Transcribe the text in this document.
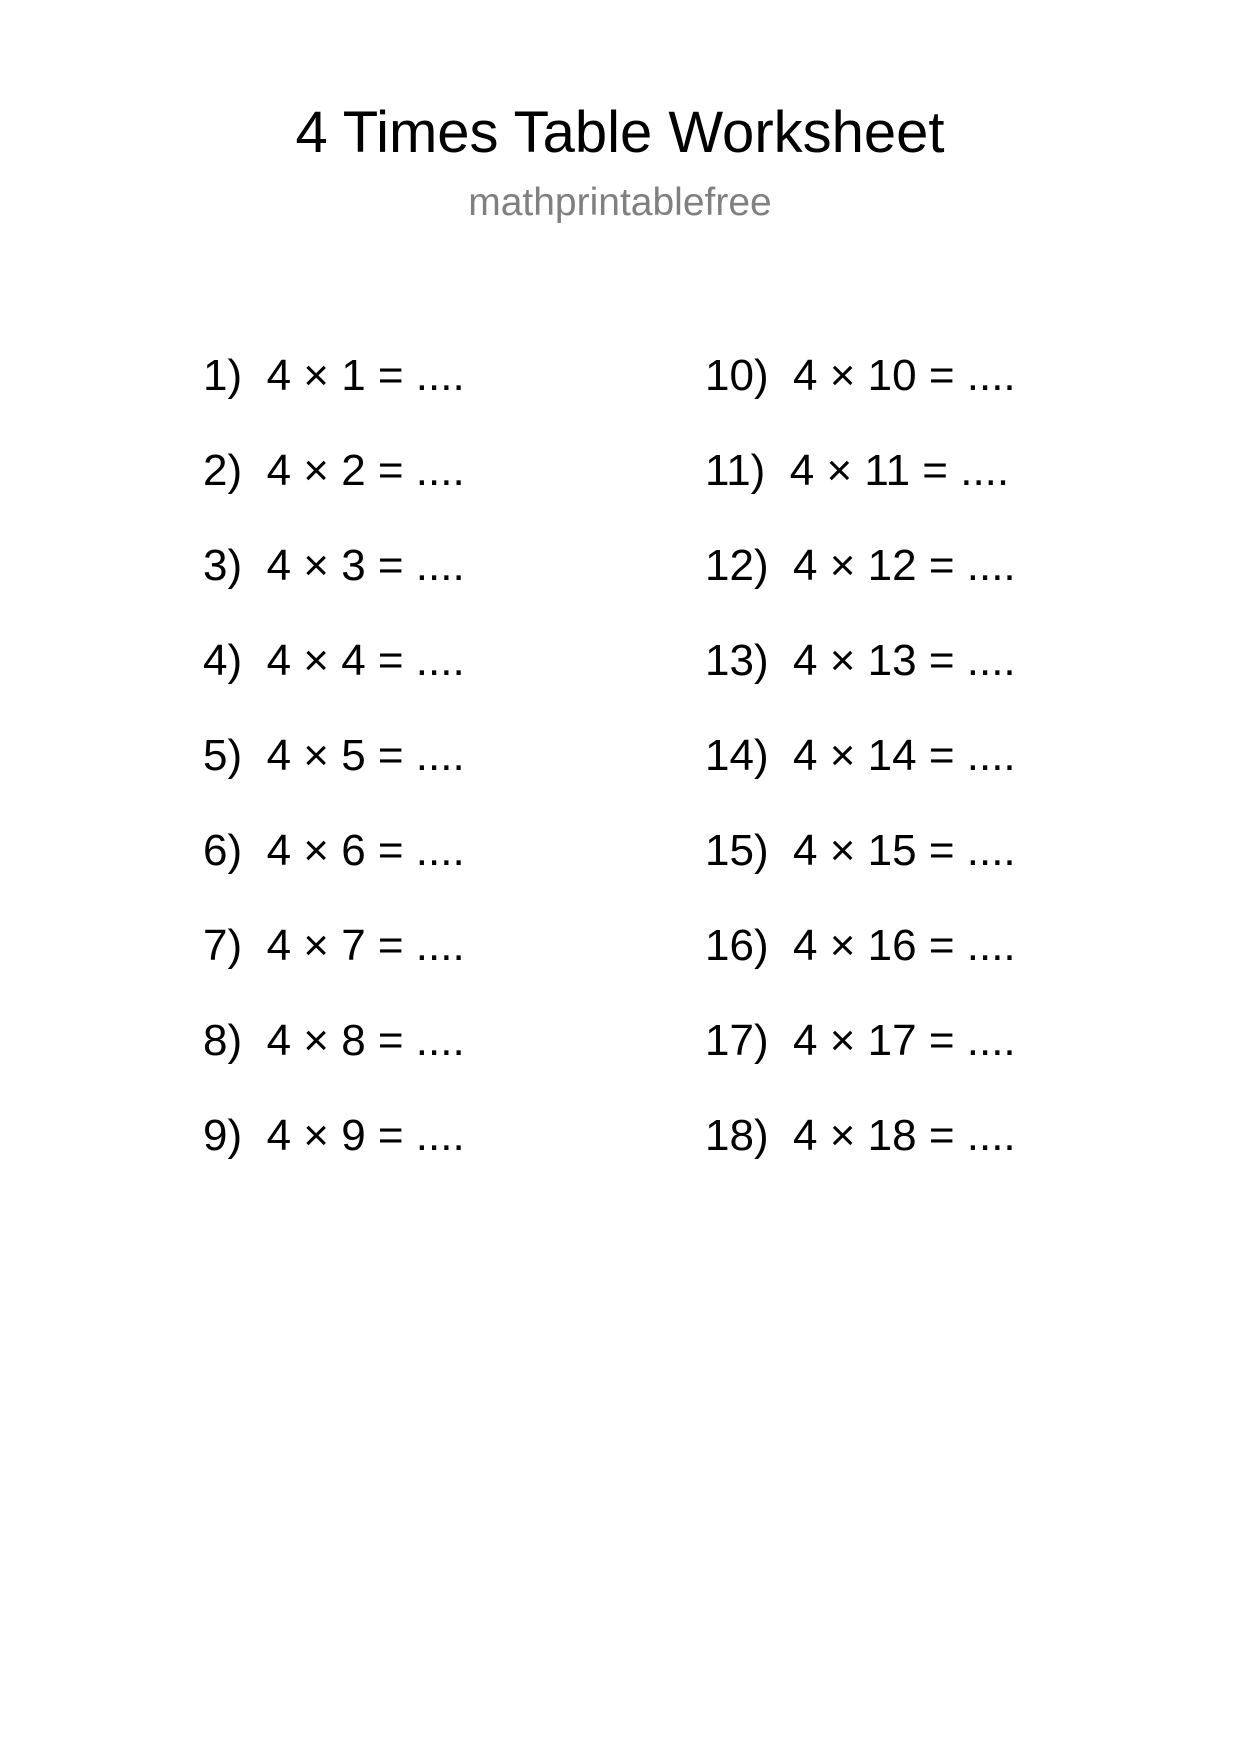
4 Times Table Worksheet
mathprintablefree
1) 4 × 1 = ....
2) 4 × 2 = ....
3) 4 × 3 = ....
4) 4 × 4 = ....
5) 4 × 5 = ....
6) 4 × 6 = ....
7) 4 × 7 = ....
8) 4 × 8 = ....
9) 4 × 9 = ....
10) 4 × 10 = ....
11) 4 × 11 = ....
12) 4 × 12 = ....
13) 4 × 13 = ....
14) 4 × 14 = ....
15) 4 × 15 = ....
16) 4 × 16 = ....
17) 4 × 17 = ....
18) 4 × 18 = ....
